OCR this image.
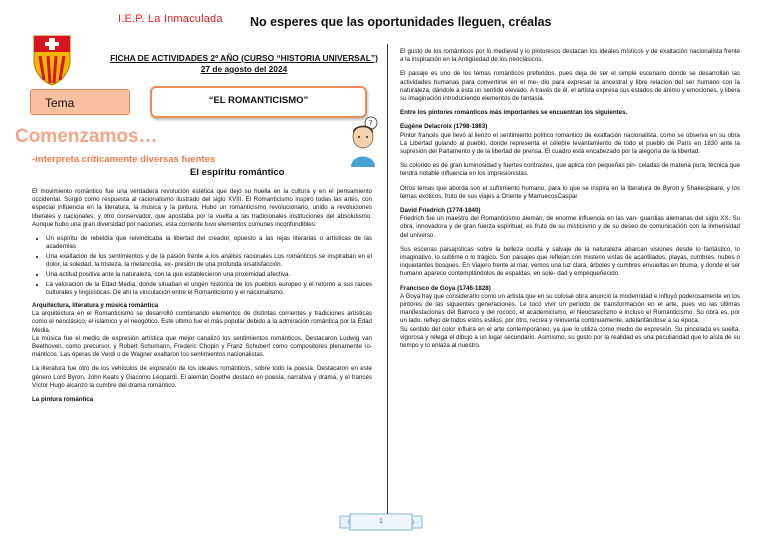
I.E.P. La Inmaculada No esperes que las oportunidades lleguen, créalas
FICHA DE ACTIVIDADES 2º AÑO (CURSO “HISTORIA UNIVERSAL”)
27 de agosto del 2024
Tema	“EL ROMANTICISMO”
?
Comenzamos…
-interpreta críticamente diversas fuentes
El espíritu romántico

El movimiento romántico fue una verdadera revolución estética que dejó su huella en la cultura y en el pensamiento occidental. Surgió como respuesta al racionalismo ilustrado del siglo XVIII. El Romanticismo inspiró todas las artes, con especial influencia en la literatura, la música y la pintura. Hubo un romanticismo revolucionario, unido a revoluciones liberales y nacionales; y otro conservador, que apostaba por la vuelta a las tradicionales instituciones del absolutismo. Aunque hubo una gran diversidad por naciones, esta corriente tuvo elementos comunes inconfundibles:

• Un espíritu de rebeldía que reivindicaba la libertad del creador, opuesto a las rejas literarias o artísticas de las academias
• Una exaltación de los sentimientos y de la pasión frente a los análisis racionales Los románticos se inspiraban en el dolor, la soledad, la tristeza, la melancolía, ex- presión de una profunda insatisfacción.
• Una actitud positiva ante la naturaleza, con la que establecieron una proximidad afectiva.
• La valoración de la Edad Media, donde situaban el ungen histórica de los pueblos europeo y el retorno a sus raíces culturales y lingüísticas. De ahí la vinculación entre el Romanticismo y el nacionalismo.
Arquitectura, literatura y música romántica

La arquitectura en el Romanticismo se desarrolló combinando elementos de distintas corrientes y tradiciones artísticas como el neoclásico, el islámico y el neogótico. Este último fue el más popular debido a la admiración romántica por la Edad Media.

La música fue el medio de expresión artística que mejor canalizó los sentimientos románticos. Destacaron Ludwig van Beethoven, como precursor, y Robert Schumann, Frederic Chopin y Franz Schubert como compositores plenamente ro- mánticos. Las óperas de Verdi o de Wagner exaltaron los sentimientos nacionalistas.

La literatura fue otro de los vehículos de expresión de los ideales románticos, sobre todo la poesía. Destacaron en este género Lord Byron, John Keats y Giacomo Leopardi. El alemán Goethe destacó en poesía, narrativa y drama, y el francés Víctor Hugo alcanzó la cumbre del drama romántico.

La pintura romántica

El gusto de los románticos por lo medieval y lo pintoresco destacan los ideales místicos y de exaltación nacionalista frente a la inspiración en la Antigüedad de los neoclásicos.

El paisaje es uno de los temas románticos preferidos, pues deja de ser el simple escenario donde se desarrollan las actividades humanas para convertirse en el me- dio para expresar la ancestral y libre relación del ser humano con la naturaleza, dándole a esta un sentido elevado. A través de él, el artista expresa sus estados de ánimo y emociones, y libera su imaginación introduciendo elementos de fantasía.

Entre los pintores románticos más importantes se encuentran los siguientes.

Eugène Delacroix (1798-1863)

Pintor francés que llevó al lienzo el sentimiento político romántico de exaltación nacionalista, como se observa en su obra La Libertad guiando al pueblo, donde representa el célebre levantamiento de todo el pueblo de París en 1830 ante la supresión del Parlamento y de la libertad de prensa. El cuadro está encabezado por la alegoría de la libertad.

Su colorido es de gran luminosidad y fuertes contrastes, que aplica con pequeñas pin- celadas de materia pura, técnica que tendrá notable influencia en los impresionistas.

Otros temas que aborda son el sufrimiento humano, para lo que se inspira en la literatura de Byron y Shakespeare, y los temas exóticos, fruto de sus viajes a Oriente y MarruecosCaspar

David Friedrich (1774-1840)

Friedrich fue un maestro del Romanticismo alemán, de enorme influencia en las van- guardias alemanas del siglo XX. Su obra, innovadora y de gran fuerza espiritual, es fruto de su misticismo y de su deseo de comunicación con la inmensidad del universo.

Sus escenas paisajísticas sobre la belleza oculta y salvaje de la naturaleza abarcan visiones desde lo fantástico, lo imaginativo, lo sublime o lo trágico. Son paisajes que reflejan con misterio vistas de acantilados, playas, cumbres, nubes o inquietantes bosques. En Viajero frente al mar, vemos una luz clara, árboles y cumbres envueltas en bruma, y donde el ser humano aparece contemplándolos de espaldas, en sole- dad y empequeñecido.

Francisco de Goya (1746-1828)

A Goya hay que considerarlo como un artista que en su colosal obra anunció la modernidad e influyó poderosamente en los pintores de las siguientes generaciones. Le tocó vivir un período de transformación en el arte, pues vio las últimas manifestaciones del Barroco y del rococó, el academicismo, el Neoclasicismo e incluso el Romanticismo. Su obra es, por un lado, reflejo de todos estos estilos; por otro, recrea y reinventa continuamente, adelantándose a su época.

Su sentido del color influirá en el arte contemporáneo, ya que lo utiliza como medio de expresión. Su pincelada es suelta, vigorosa y relega el dibujo a un lugar secundario. Asimismo, su gusto por la realidad es una peculiaridad que lo aísla de su tiempo y lo enlaza al nuestro.

1
